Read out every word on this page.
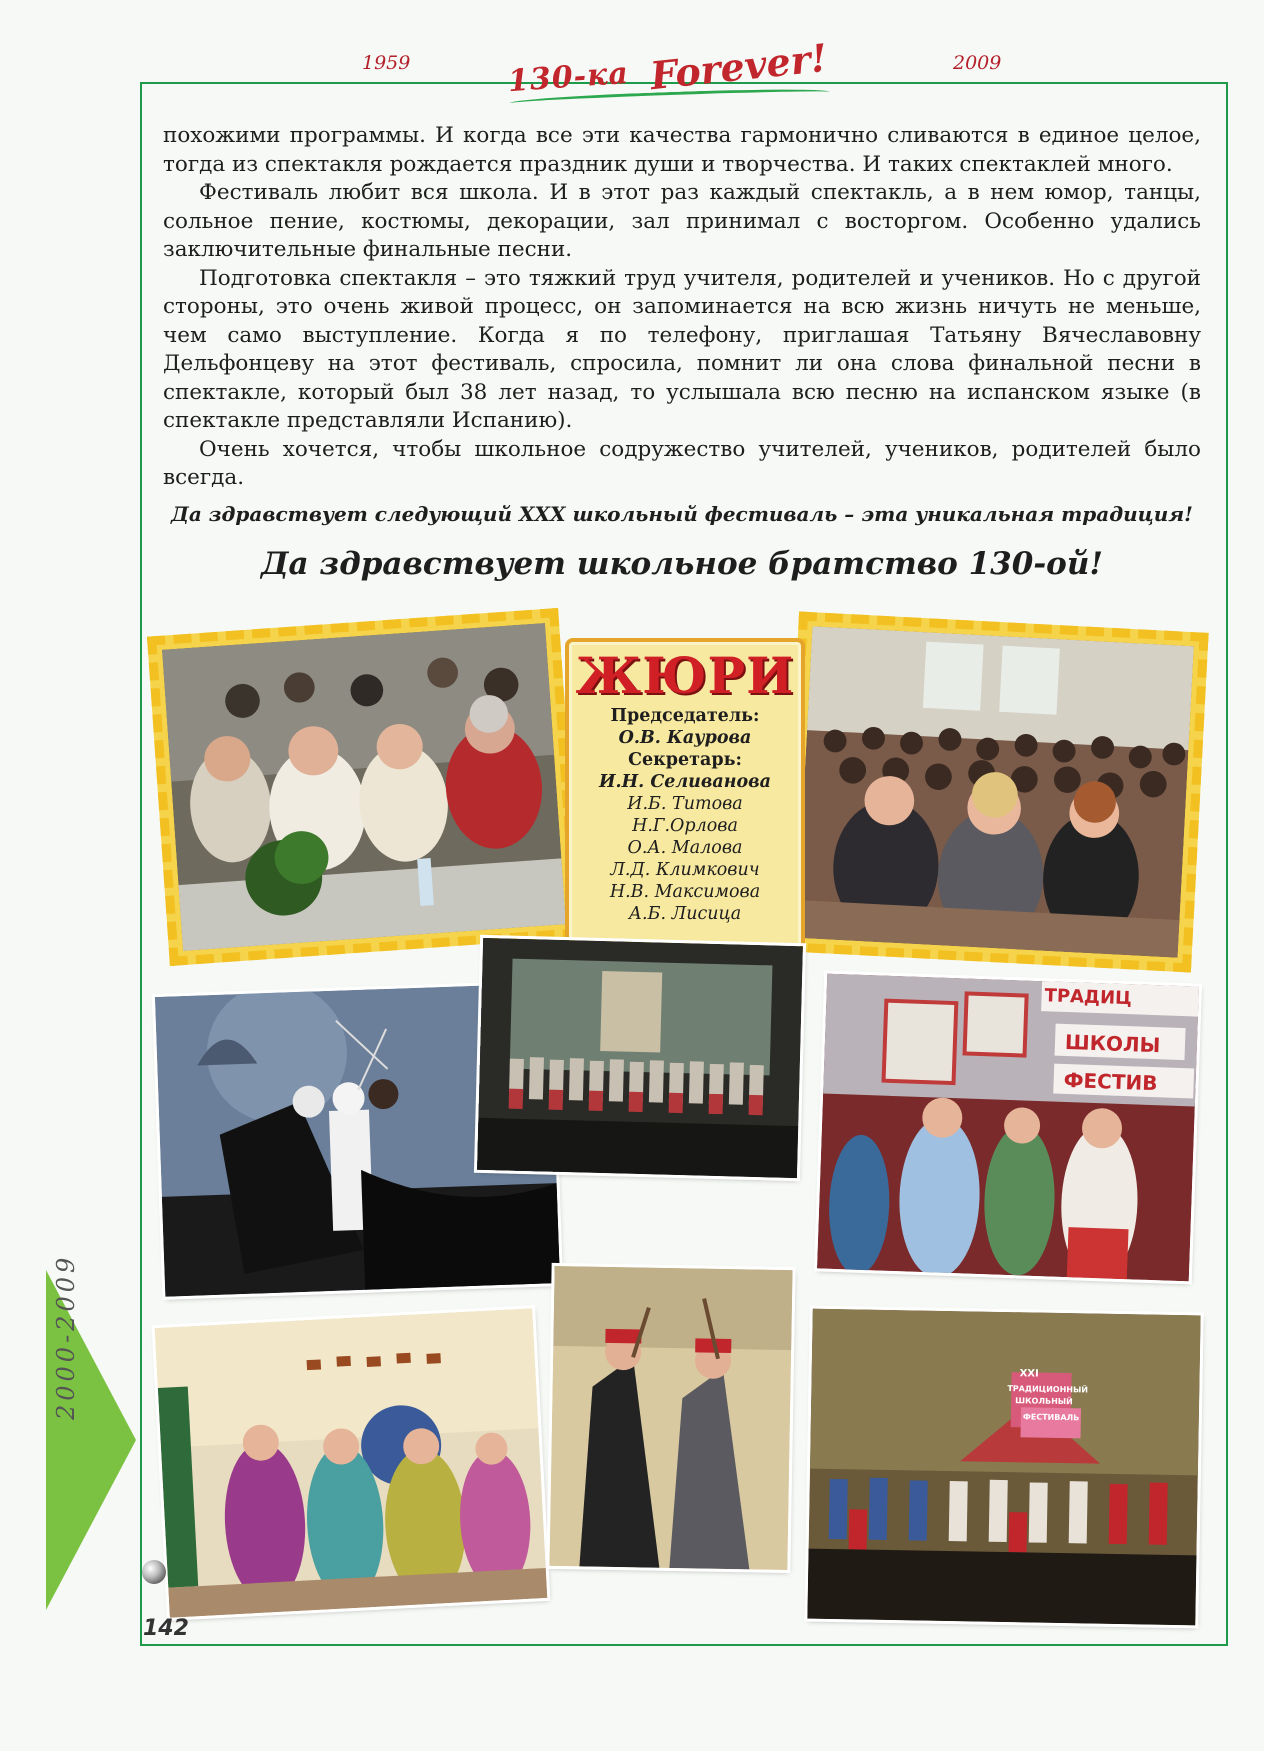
1959	2009
130-ка Forever!

похожими программы. И когда все эти качества гармонично сливаются в единое целое, тогда из спектакля рождается праздник души и творчества. И таких спектаклей много.

Фестиваль любит вся школа. И в этот раз каждый спектакль, а в нем юмор, танцы, сольное пение, костюмы, декорации, зал принимал с восторгом. Особенно удались заключительные финальные песни.

Подготовка спектакля – это тяжкий труд учителя, родителей и учеников. Но с другой стороны, это очень живой процесс, он запоминается на всю жизнь ничуть не меньше, чем само выступление. Когда я по телефону, приглашая Татьяну Вячеславовну Дельфонцеву на этот фестиваль, спросила, помнит ли она слова финальной песни в спектакле, который был 38 лет назад, то услышала всю песню на испанском языке (в спектакле представляли Испанию).

Очень хочется, чтобы школьное содружество учителей, учеников, родителей было всегда.

Да здравствует следующий XXX школьный фестиваль – эта уникальная традиция!
Да здравствует школьное братство 130-ой!
ЖЮРИ
Председатель:
О.В. Каурова
Секретарь:
И.Н. Селиванова
И.Б. Титова
Н.Г.Орлова
О.А. Малова
Л.Д. Климкович
Н.В. Максимова
А.Б. Лисица
ТРАДИЦ
ШКОЛЫ
ФЕСТИВ
XXI
ТРАДИЦИОННЫЙ
ШКОЛЬНЫЙ
ФЕСТИВАЛЬ
2000-2009
142
